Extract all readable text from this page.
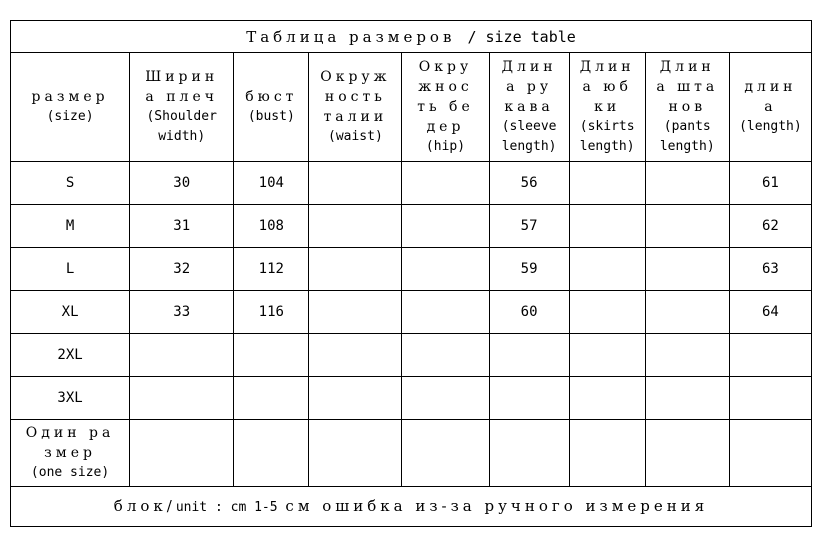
Таблица размеров / size table								

размер
(size)	Ширин
а плеч
(Shoulder
width)	бюст
(bust)	Окруж
ность
талии
(waist)	Окру
жнос
ть бе
дер
(hip)	Длин
а ру
кава
(sleeve
length)	Длин
а юб
ки
(skirts
length)	Длин
а шта
нов
(pants
length)	длин
а
(length)

S	30	104			56			61
M	31	108			57			62
L	32	112			59			63
XL	33	116			60			64
2XL								
3XL								

Один ра
змер
(one size)								

блок/unit : cm 1-5 см ошибка из-за ручного измерения								
